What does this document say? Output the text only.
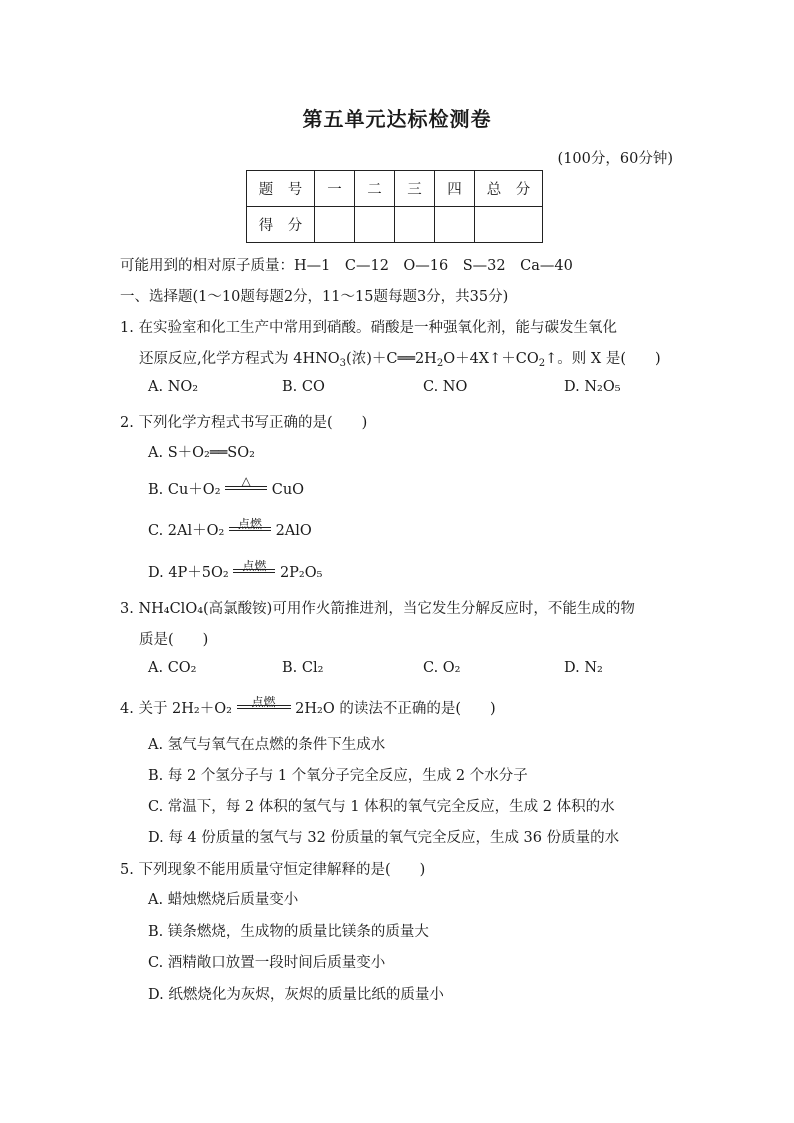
第五单元达标检测卷
(100分，60分钟)
题　号	一	二	三	四	总　分
得　分					
可能用到的相对原子质量：H—1　C—12　O—16　S—32　Ca—40
一、选择题(1～10题每题2分，11～15题每题3分，共35分)
1. 在实验室和化工生产中常用到硝酸。硝酸是一种强氧化剂，能与碳发生氧化
还原反应,化学方程式为 $4HNO_3$(浓)$+C══2H_2O+4X↑+CO_2↑$。则 X 是(　　)
A. NO₂	B. CO	C. NO	D. N₂O₅
2. 下列化学方程式书写正确的是(　　)
A. S＋O₂══SO₂
B. Cu＋O₂
△
CuO
C. 2Al＋O₂	点燃 2AlO
D. 4P＋5O₂	点燃 2P₂O₅
3. NH₄ClO₄(高氯酸铵)可用作火箭推进剂，当它发生分解反应时，不能生成的物
质是(　　)
A. CO₂	B. Cl₂	C. O₂	D. N₂
4. 关于 2H₂＋O₂	点燃	2H₂O 的读法不正确的是(　　)
A. 氢气与氧气在点燃的条件下生成水
B. 每 2 个氢分子与 1 个氧分子完全反应，生成 2 个水分子
C. 常温下，每 2 体积的氢气与 1 体积的氧气完全反应，生成 2 体积的水
D. 每 4 份质量的氢气与 32 份质量的氧气完全反应，生成 36 份质量的水
5. 下列现象不能用质量守恒定律解释的是(　　)
A. 蜡烛燃烧后质量变小
B. 镁条燃烧，生成物的质量比镁条的质量大
C. 酒精敞口放置一段时间后质量变小
D. 纸燃烧化为灰烬，灰烬的质量比纸的质量小
